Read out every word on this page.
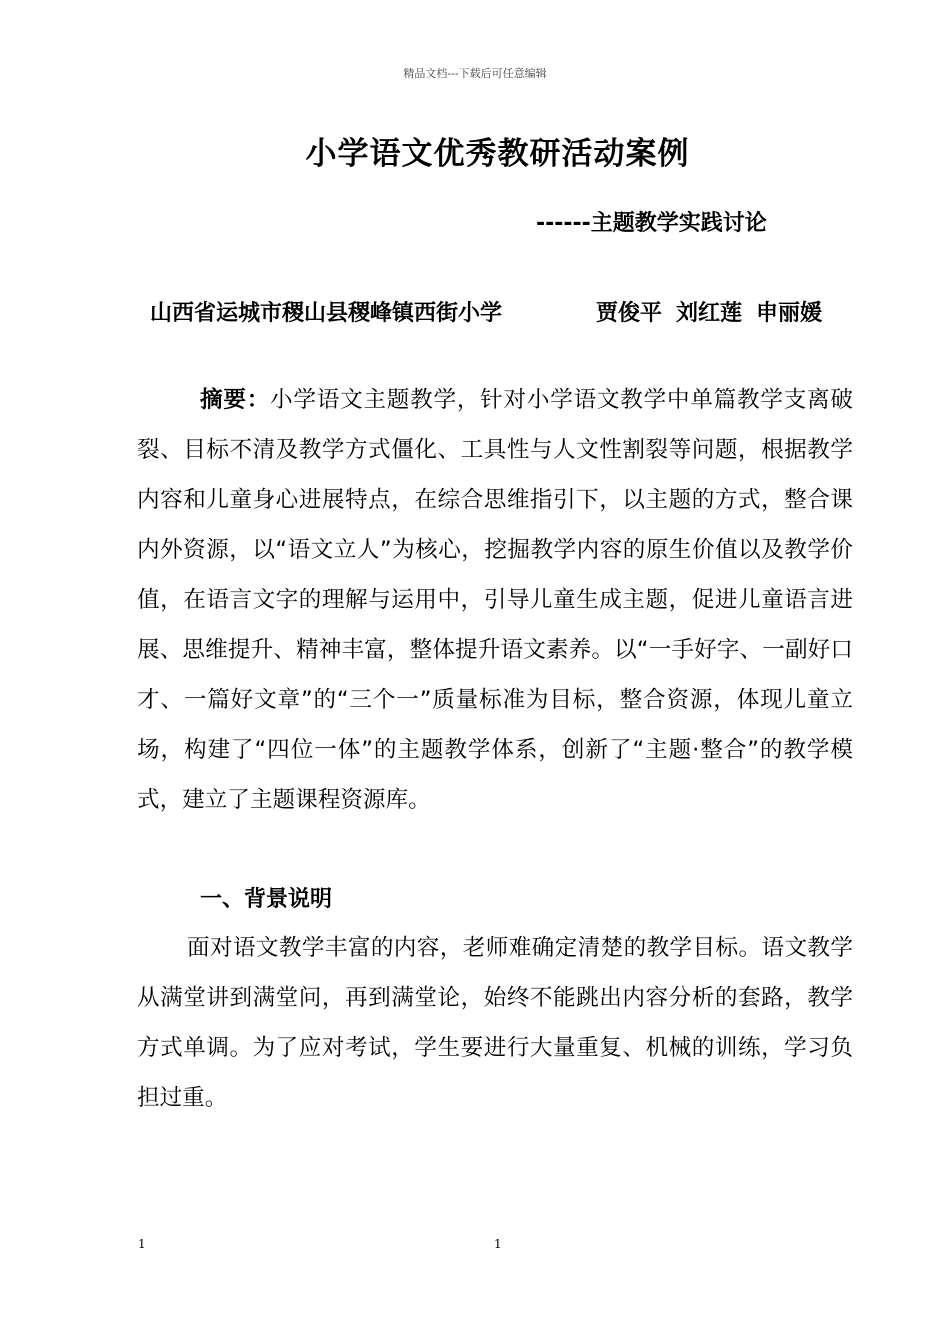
精品文档---下载后可任意编辑
小学语文优秀教研活动案例
------主题教学实践讨论
山西省运城市稷山县稷峰镇西街小学	贾俊平 刘红莲 申丽媛

摘要：小学语文主题教学，针对小学语文教学中单篇教学支离破裂、目标不清及教学方式僵化、工具性与人文性割裂等问题，根据教学内容和儿童身心进展特点，在综合思维指引下，以主题的方式，整合课内外资源，以“语文立人”为核心，挖掘教学内容的原生价值以及教学价值，在语言文字的理解与运用中，引导儿童生成主题，促进儿童语言进展、思维提升、精神丰富，整体提升语文素养。以“一手好字、一副好口才、一篇好文章”的“三个一”质量标准为目标，整合资源，体现儿童立场，构建了“四位一体”的主题教学体系，创新了“主题·整合”的教学模式，建立了主题课程资源库。

一、背景说明

面对语文教学丰富的内容，老师难确定清楚的教学目标。语文教学从满堂讲到满堂问，再到满堂论，始终不能跳出内容分析的套路，教学方式单调。为了应对考试，学生要进行大量重复、机械的训练，学习负担过重。

1	1
